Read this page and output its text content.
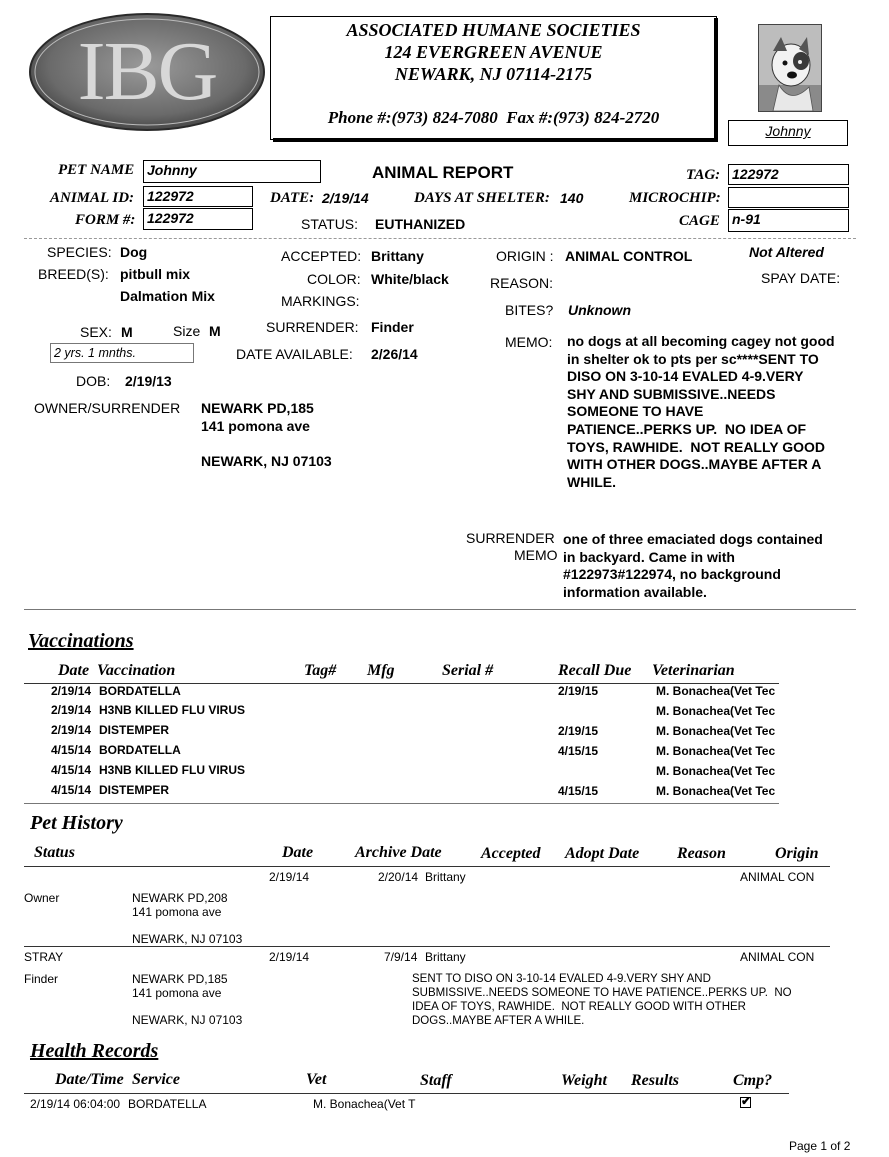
IBG	ASSOCIATED HUMANE SOCIETIES
124 EVERGREEN AVENUE
NEWARK, NJ 07114-2175
Phone #:(973) 824-7080  Fax #:(973) 824-2720
Johnny
PET NAME Johnny	ANIMAL REPORT	TAG: 122972
ANIMAL ID: 122972	DATE: 2/19/14	DAYS AT SHELTER: 140	MICROCHIP:
FORM #: 122972	STATUS: EUTHANIZED	CAGE n-91
SPECIES: Dog
BREED(S): pitbull mix
Dalmation Mix
SEX: M	Size M
2 yrs. 1 mnths.
DOB: 2/19/13
OWNER/SURRENDER NEWARK PD,185
141 pomona ave
NEWARK, NJ 07103
ACCEPTED: Brittany
COLOR: White/black
MARKINGS:
SURRENDER: Finder
DATE AVAILABLE: 2/26/14
ORIGIN : ANIMAL CONTROL
REASON:
BITES? Unknown
MEMO: no dogs at all becoming cagey not good
in shelter ok to pts per sc****SENT TO
DISO ON 3-10-14 EVALED 4-9.VERY
SHY AND SUBMISSIVE..NEEDS
SOMEONE TO HAVE
PATIENCE..PERKS UP.  NO IDEA OF
TOYS, RAWHIDE.  NOT REALLY GOOD
WITH OTHER DOGS..MAYBE AFTER A
WHILE.
Not Altered
SPAY DATE:
SURRENDER
MEMO
one of three emaciated dogs contained
in backyard. Came in with
#122973#122974, no background
information available.
Vaccinations
Date Vaccination	Tag# Mfg	Serial #	Recall Due Veterinarian
2/19/14 BORDATELLA	2/19/15	M. Bonachea(Vet Tec
2/19/14 H3NB KILLED FLU VIRUS	M. Bonachea(Vet Tec
2/19/14 DISTEMPER	2/19/15	M. Bonachea(Vet Tec
4/15/14 BORDATELLA	4/15/15	M. Bonachea(Vet Tec
4/15/14 H3NB KILLED FLU VIRUS	M. Bonachea(Vet Tec
4/15/14 DISTEMPER	4/15/15	M. Bonachea(Vet Tec
Pet History
Status	Date	Archive Date Accepted Adopt Date Reason	Origin
2/19/14	2/20/14 Brittany	ANIMAL CON
Owner	NEWARK PD,208
141 pomona ave
NEWARK, NJ 07103
STRAY	2/19/14	7/9/14 Brittany	ANIMAL CON
Finder	NEWARK PD,185
141 pomona ave
NEWARK, NJ 07103
SENT TO DISO ON 3-10-14 EVALED 4-9.VERY SHY AND
SUBMISSIVE..NEEDS SOMEONE TO HAVE PATIENCE..PERKS UP.  NO
IDEA OF TOYS, RAWHIDE.  NOT REALLY GOOD WITH OTHER
DOGS..MAYBE AFTER A WHILE.
Health Records
Date/Time Service	Vet	Staff	Weight Results	Cmp?
2/19/14 06:04:00 BORDATELLA	M. Bonachea(Vet T	✔
Page 1 of 2
